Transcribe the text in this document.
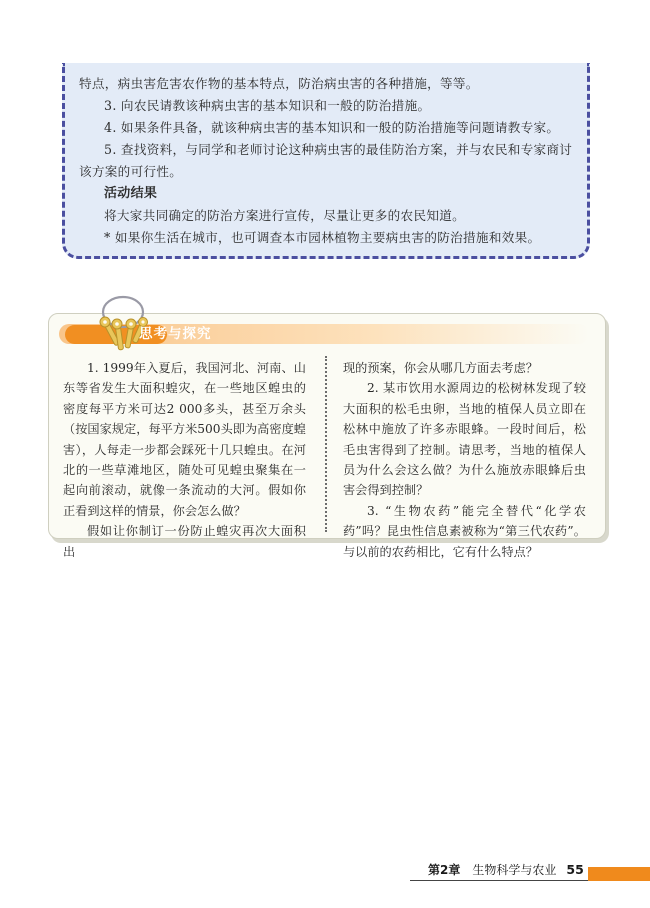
特点，病虫害危害农作物的基本特点，防治病虫害的各种措施，等等。

3. 向农民请教该种病虫害的基本知识和一般的防治措施。

4. 如果条件具备，就该种病虫害的基本知识和一般的防治措施等问题请教专家。

5. 查找资料，与同学和老师讨论这种病虫害的最佳防治方案，并与农民和专家商讨该方案的可行性。

活动结果

将大家共同确定的防治方案进行宣传，尽量让更多的农民知道。

* 如果你生活在城市，也可调查本市园林植物主要病虫害的防治措施和效果。

思考与探究

1. 1999年入夏后，我国河北、河南、山东等省发生大面积蝗灾，在一些地区蝗虫的密度每平方米可达2 000多头，甚至万余头（按国家规定，每平方米500头即为高密度蝗害），人每走一步都会踩死十几只蝗虫。在河北的一些草滩地区，随处可见蝗虫聚集在一起向前滚动，就像一条流动的大河。假如你正看到这样的情景，你会怎么做？

假如让你制订一份防止蝗灾再次大面积出

现的预案，你会从哪几方面去考虑？

2. 某市饮用水源周边的松树林发现了较大面积的松毛虫卵，当地的植保人员立即在松林中施放了许多赤眼蜂。一段时间后，松毛虫害得到了控制。请思考，当地的植保人员为什么会这么做？为什么施放赤眼蜂后虫害会得到控制？

3. “生物农药”能完全替代“化学农药”吗？昆虫性信息素被称为“第三代农药”。与以前的农药相比，它有什么特点？

第2章 生物科学与农业 55
